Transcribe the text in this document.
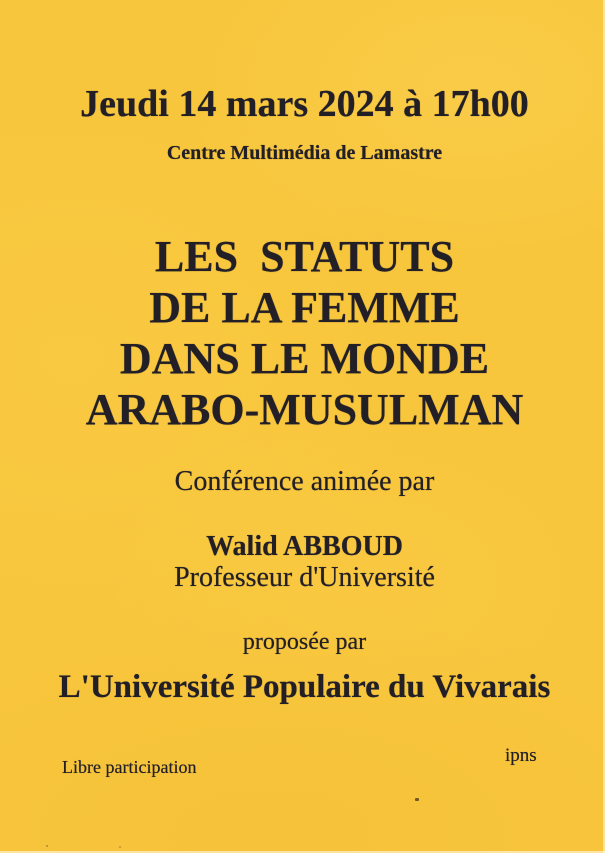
Jeudi 14 mars 2024 à 17h00
Centre Multimédia de Lamastre
LES  STATUTS
DE LA FEMME
DANS LE MONDE
ARABO-MUSULMAN
Conférence animée par
Walid ABBOUD
Professeur d'Université
proposée par
L'Université Populaire du Vivarais
Libre participation
ipns
